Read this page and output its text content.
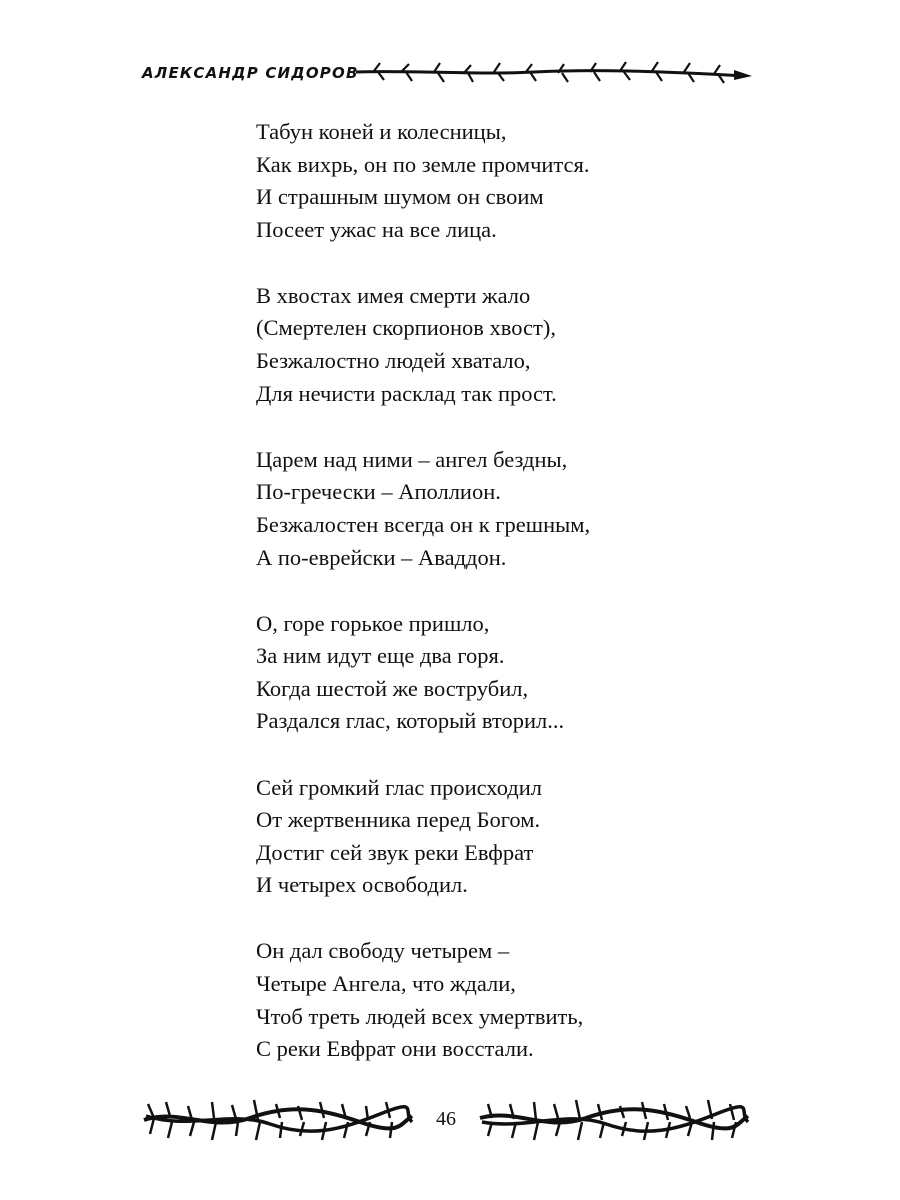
АЛЕКСАНДР СИДОРОВ
Табун коней и колесницы,
Как вихрь, он по земле промчится.
И страшным шумом он своим
Посеет ужас на все лица.
В хвостах имея смерти жало
(Смертелен скорпионов хвост),
Безжалостно людей хватало,
Для нечисти расклад так прост.
Царем над ними – ангел бездны,
По-гречески – Аполлион.
Безжалостен всегда он к грешным,
А по-еврейски – Аваддон.
О, горе горькое пришло,
За ним идут еще два горя.
Когда шестой же вострубил,
Раздался глас, который вторил...
Сей громкий глас происходил
От жертвенника перед Богом.
Достиг сей звук реки Евфрат
И четырех освободил.
Он дал свободу четырем –
Четыре Ангела, что ждали,
Чтоб треть людей всех умертвить,
С реки Евфрат они восстали.
46
